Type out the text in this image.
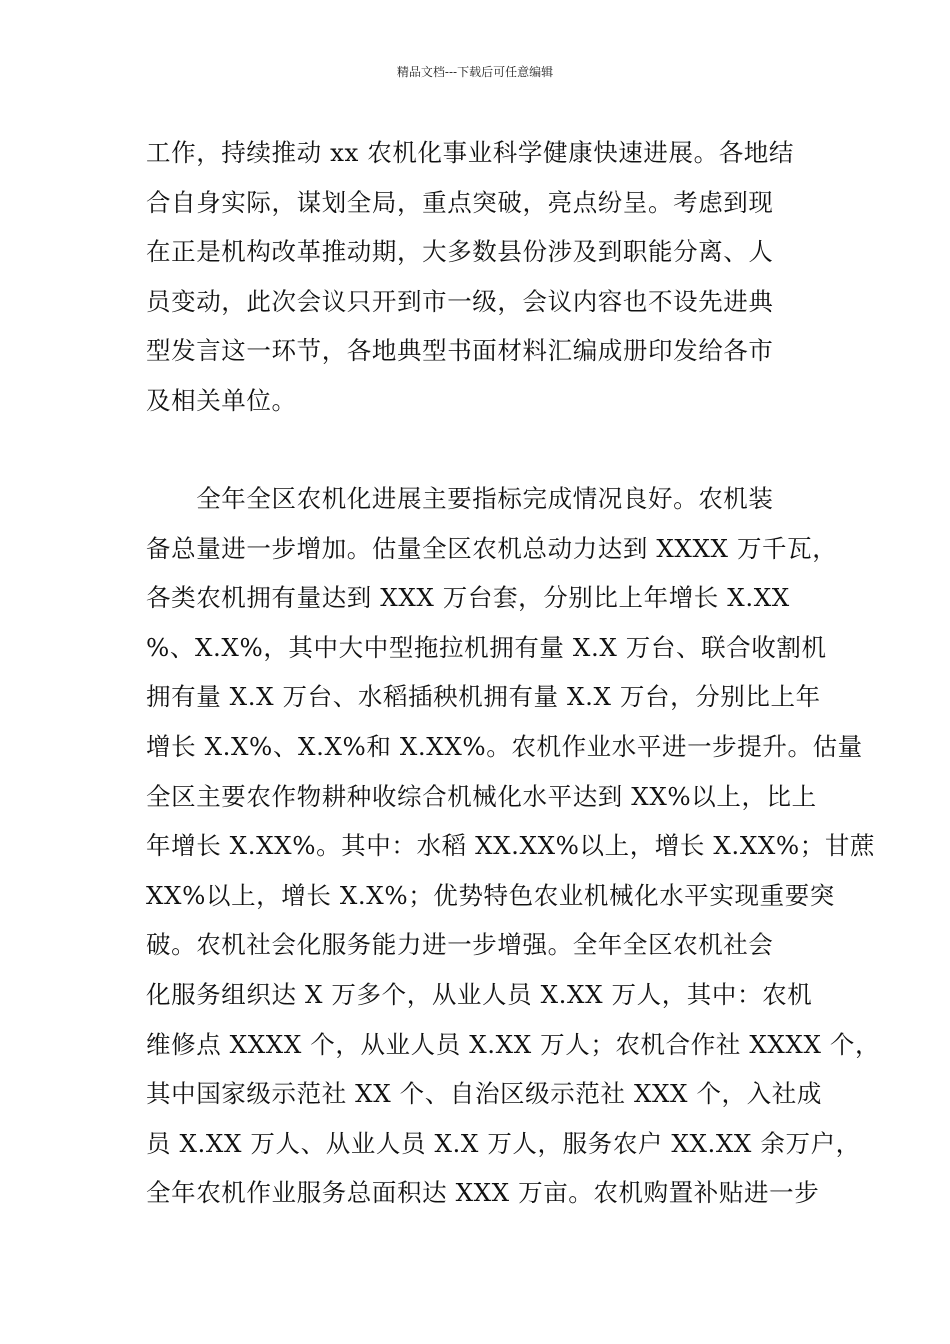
精品文档---下载后可任意编辑
工作，持续推动 xx 农机化事业科学健康快速进展。各地结
合自身实际，谋划全局，重点突破，亮点纷呈。考虑到现
在正是机构改革推动期，大多数县份涉及到职能分离、人
员变动，此次会议只开到市一级，会议内容也不设先进典
型发言这一环节，各地典型书面材料汇编成册印发给各市
及相关单位。
　　全年全区农机化进展主要指标完成情况良好。农机装
备总量进一步增加。估量全区农机总动力达到 XXXX 万千瓦，
各类农机拥有量达到 XXX 万台套，分别比上年增长 X.XX
%、X.X%，其中大中型拖拉机拥有量 X.X 万台、联合收割机
拥有量 X.X 万台、水稻插秧机拥有量 X.X 万台，分别比上年
增长 X.X%、X.X%和 X.XX%。农机作业水平进一步提升。估量
全区主要农作物耕种收综合机械化水平达到 XX%以上，比上
年增长 X.XX%。其中：水稻 XX.XX%以上，增长 X.XX%；甘蔗
XX%以上，增长 X.X%；优势特色农业机械化水平实现重要突
破。农机社会化服务能力进一步增强。全年全区农机社会
化服务组织达 X 万多个，从业人员 X.XX 万人，其中：农机
维修点 XXXX 个，从业人员 X.XX 万人；农机合作社 XXXX 个，
其中国家级示范社 XX 个、自治区级示范社 XXX 个，入社成
员 X.XX 万人、从业人员 X.X 万人，服务农户 XX.XX 余万户，
全年农机作业服务总面积达 XXX 万亩。农机购置补贴进一步
